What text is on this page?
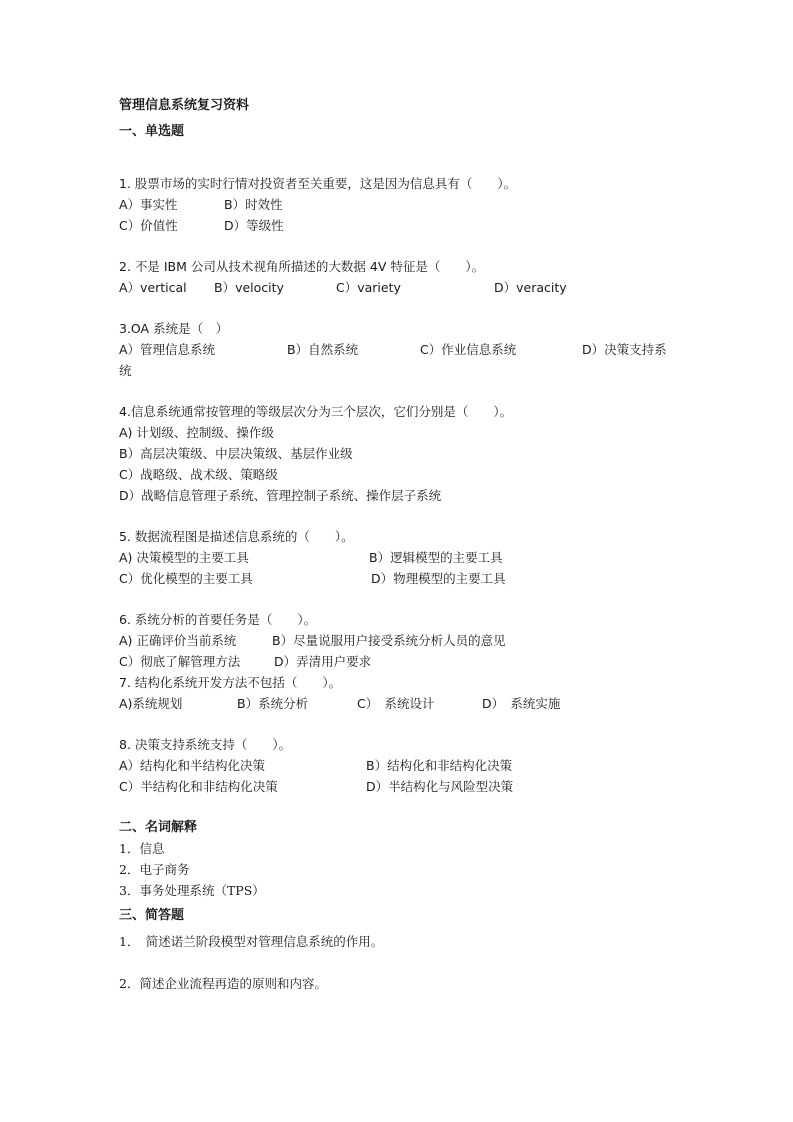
管理信息系统复习资料
一、单选题
1. 股票市场的实时行情对投资者至关重要，这是因为信息具有（　　）。
A）事实性	B）时效性
C）价值性	D）等级性
2. 不是 IBM 公司从技术视角所描述的大数据 4V 特征是（　　）。
A）vertical B）velocity	C）variety	D）veracity
3.OA 系统是（　）
A）管理信息系统	B）自然系统	C）作业信息系统	D）决策支持系
统
4.信息系统通常按管理的等级层次分为三个层次，它们分别是（　　）。
A) 计划级、控制级、操作级
B）高层决策级、中层决策级、基层作业级
C）战略级、战术级、策略级
D）战略信息管理子系统、管理控制子系统、操作层子系统
5. 数据流程图是描述信息系统的（　　）。
A) 决策模型的主要工具	B）逻辑模型的主要工具
C）优化模型的主要工具	D）物理模型的主要工具
6. 系统分析的首要任务是（　　）。
A) 正确评价当前系统	B）尽量说服用户接受系统分析人员的意见
C）彻底了解管理方法	D）弄清用户要求
7. 结构化系统开发方法不包括（　　）。
A)系统规划	B）系统分析	C）　系统设计	D）　系统实施
8. 决策支持系统支持（　　）。
A）结构化和半结构化决策	B）结构化和非结构化决策
C）半结构化和非结构化决策	D）半结构化与风险型决策
二、名词解释
1．信息
2．电子商务
3．事务处理系统（TPS）
三、简答题
1．　简述诺兰阶段模型对管理信息系统的作用。
2．简述企业流程再造的原则和内容。
